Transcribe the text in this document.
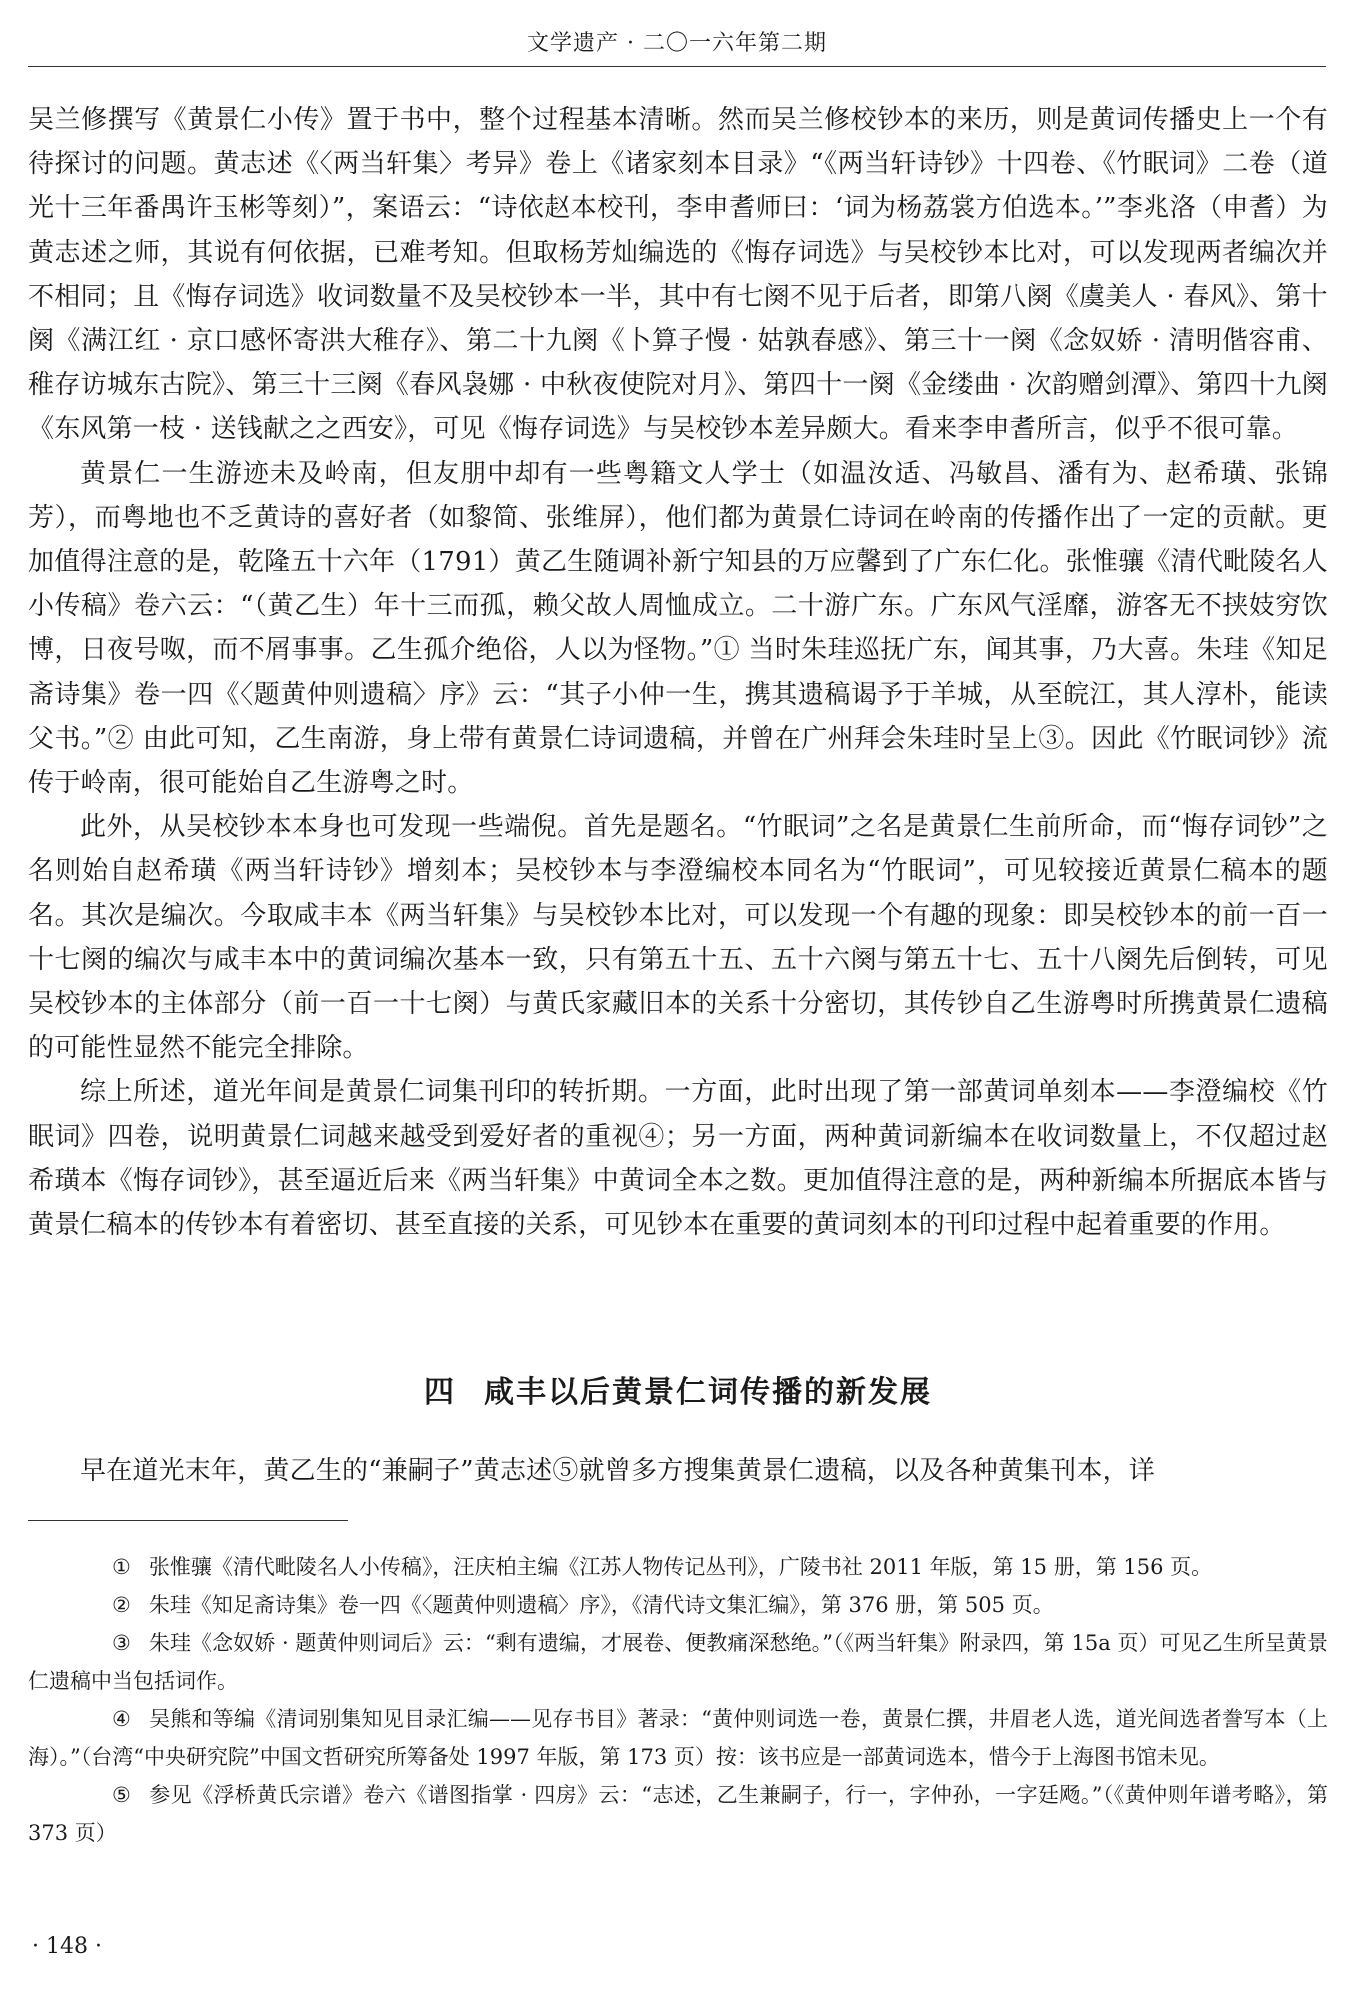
文学遗产 · 二〇一六年第二期

吴兰修撰写《黄景仁小传》置于书中，整个过程基本清晰。然而吴兰修校钞本的来历，则是黄词传播史上一个有待探讨的问题。黄志述《〈两当轩集〉考异》卷上《诸家刻本目录》“《两当轩诗钞》十四卷、《竹眠词》二卷（道光十三年番禺许玉彬等刻）”，案语云：“诗依赵本校刊，李申耆师曰：‘词为杨荔裳方伯选本。’”李兆洛（申耆）为黄志述之师，其说有何依据，已难考知。但取杨芳灿编选的《悔存词选》与吴校钞本比对，可以发现两者编次并不相同；且《悔存词选》收词数量不及吴校钞本一半，其中有七阕不见于后者，即第八阕《虞美人 · 春风》、第十阕《满江红 · 京口感怀寄洪大稚存》、第二十九阕《卜算子慢 · 姑孰春感》、第三十一阕《念奴娇 · 清明偕容甫、稚存访城东古院》、第三十三阕《春风袅娜 · 中秋夜使院对月》、第四十一阕《金缕曲 · 次韵赠剑潭》、第四十九阕《东风第一枝 · 送钱献之之西安》，可见《悔存词选》与吴校钞本差异颇大。看来李申耆所言，似乎不很可靠。

黄景仁一生游迹未及岭南，但友朋中却有一些粤籍文人学士（如温汝适、冯敏昌、潘有为、赵希璜、张锦芳），而粤地也不乏黄诗的喜好者（如黎简、张维屏），他们都为黄景仁诗词在岭南的传播作出了一定的贡献。更加值得注意的是，乾隆五十六年（1791）黄乙生随调补新宁知县的万应馨到了广东仁化。张惟骧《清代毗陵名人小传稿》卷六云：“（黄乙生）年十三而孤，赖父故人周恤成立。二十游广东。广东风气淫靡，游客无不挟妓穷饮博，日夜号呶，而不屑事事。乙生孤介绝俗，人以为怪物。”① 当时朱珪巡抚广东，闻其事，乃大喜。朱珪《知足斋诗集》卷一四《〈题黄仲则遗稿〉序》云：“其子小仲一生，携其遗稿谒予于羊城，从至皖江，其人淳朴，能读父书。”② 由此可知，乙生南游，身上带有黄景仁诗词遗稿，并曾在广州拜会朱珪时呈上③。因此《竹眠词钞》流传于岭南，很可能始自乙生游粤之时。

此外，从吴校钞本本身也可发现一些端倪。首先是题名。“竹眠词”之名是黄景仁生前所命，而“悔存词钞”之名则始自赵希璜《两当轩诗钞》增刻本；吴校钞本与李澄编校本同名为“竹眠词”，可见较接近黄景仁稿本的题名。其次是编次。今取咸丰本《两当轩集》与吴校钞本比对，可以发现一个有趣的现象：即吴校钞本的前一百一十七阕的编次与咸丰本中的黄词编次基本一致，只有第五十五、五十六阕与第五十七、五十八阕先后倒转，可见吴校钞本的主体部分（前一百一十七阕）与黄氏家藏旧本的关系十分密切，其传钞自乙生游粤时所携黄景仁遗稿的可能性显然不能完全排除。

综上所述，道光年间是黄景仁词集刊印的转折期。一方面，此时出现了第一部黄词单刻本——李澄编校《竹眠词》四卷，说明黄景仁词越来越受到爱好者的重视④；另一方面，两种黄词新编本在收词数量上，不仅超过赵希璜本《悔存词钞》，甚至逼近后来《两当轩集》中黄词全本之数。更加值得注意的是，两种新编本所据底本皆与黄景仁稿本的传钞本有着密切、甚至直接的关系，可见钞本在重要的黄词刻本的刊印过程中起着重要的作用。

四 咸丰以后黄景仁词传播的新发展
早在道光末年，黄乙生的“兼嗣子”黄志述⑤就曾多方搜集黄景仁遗稿，以及各种黄集刊本，详

① 张惟骧《清代毗陵名人小传稿》，汪庆柏主编《江苏人物传记丛刊》，广陵书社 2011 年版，第 15 册，第 156 页。

② 朱珪《知足斋诗集》卷一四《〈题黄仲则遗稿〉序》，《清代诗文集汇编》，第 376 册，第 505 页。

③ 朱珪《念奴娇 · 题黄仲则词后》云：“剩有遗编，才展卷、便教痛深愁绝。”（《两当轩集》附录四，第 15a 页）可见乙生所呈黄景仁遗稿中当包括词作。

④ 吴熊和等编《清词别集知见目录汇编——见存书目》著录：“黄仲则词选一卷，黄景仁撰，井眉老人选，道光间选者誊写本（上海）。”（台湾“中央研究院”中国文哲研究所筹备处 1997 年版，第 173 页）按：该书应是一部黄词选本，惜今于上海图书馆未见。

⑤ 参见《浮桥黄氏宗谱》卷六《谱图指掌 · 四房》云：“志述，乙生兼嗣子，行一，字仲孙，一字廷飏。”（《黄仲则年谱考略》，第 373 页）

· 148 ·
